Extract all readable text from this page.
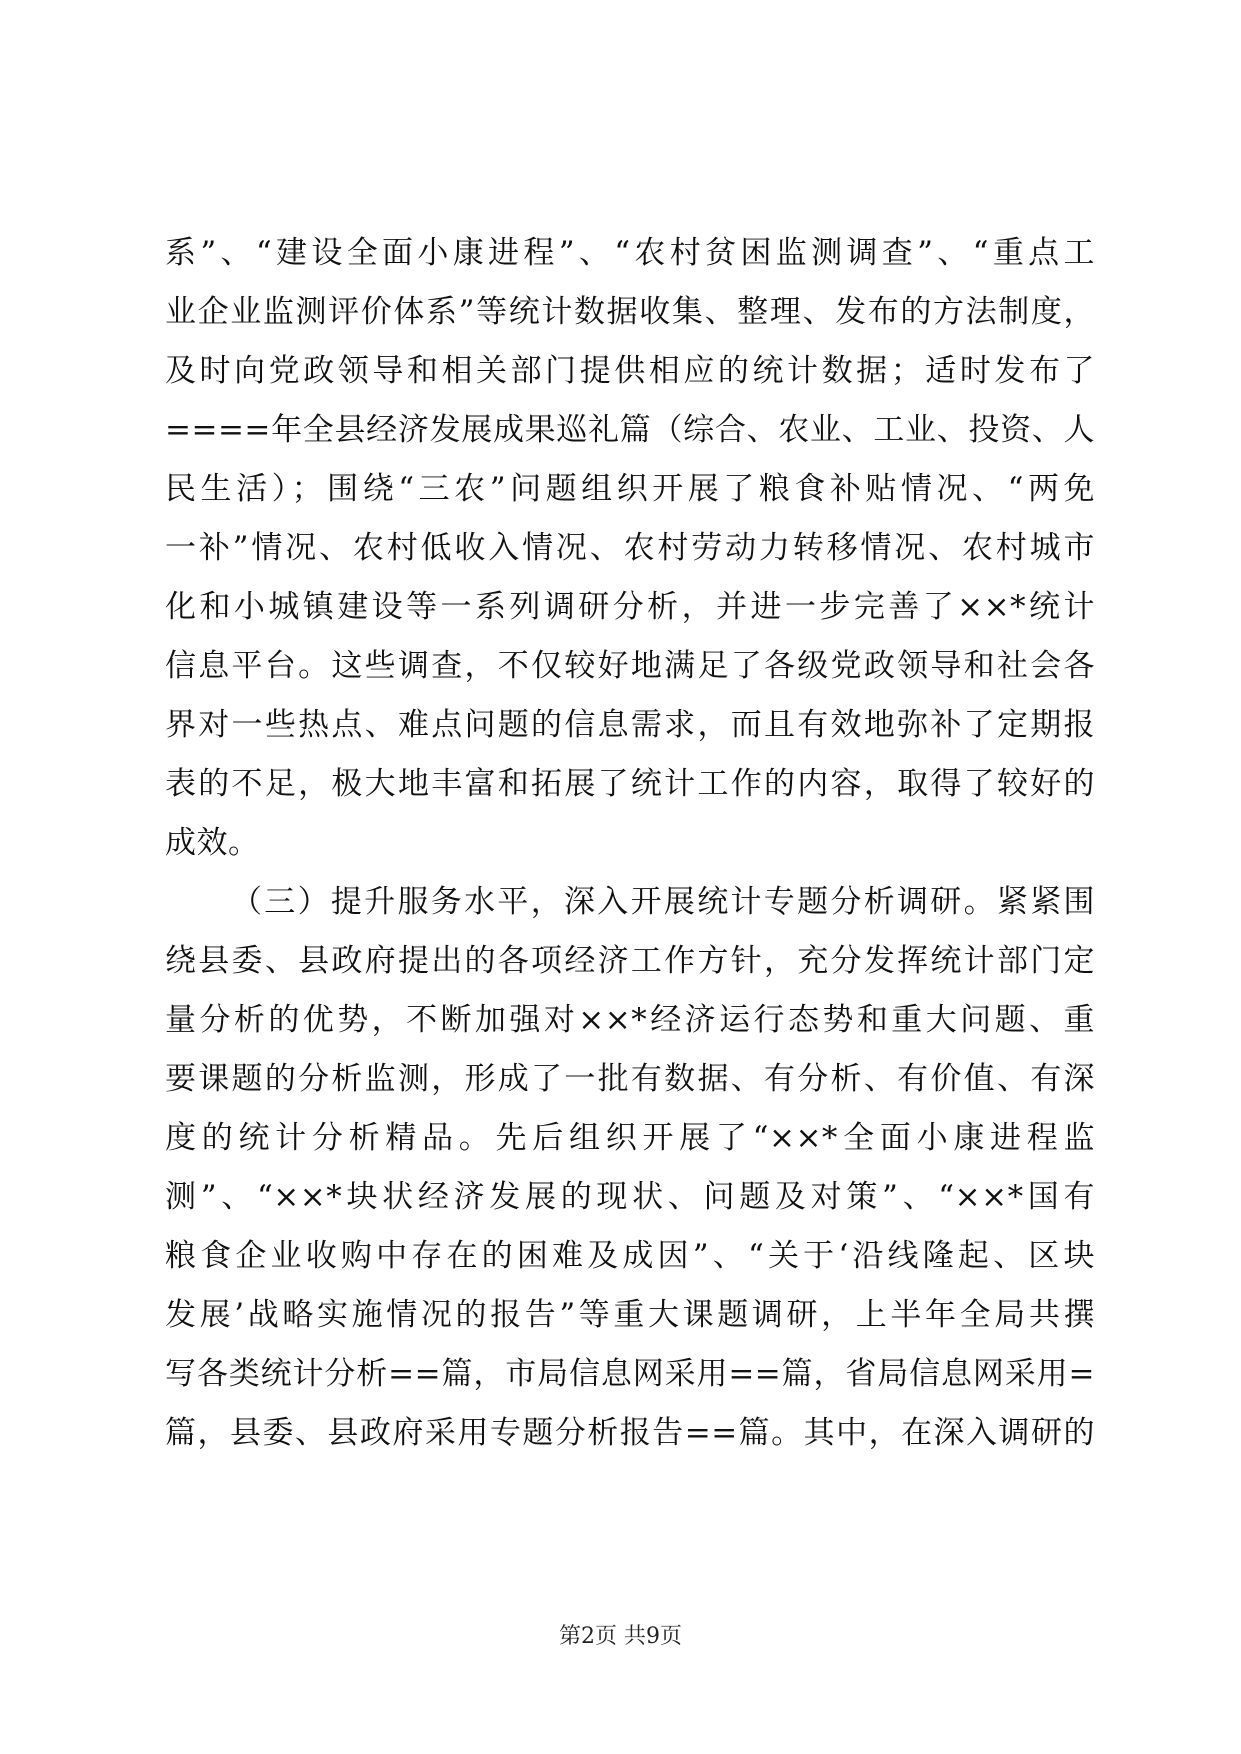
系”、“建设全面小康进程”、“农村贫困监测调查”、“重点工
业企业监测评价体系”等统计数据收集、整理、发布的方法制度，
及时向党政领导和相关部门提供相应的统计数据；适时发布了
====年全县经济发展成果巡礼篇（综合、农业、工业、投资、人
民生活）；围绕“三农”问题组织开展了粮食补贴情况、“两免
一补”情况、农村低收入情况、农村劳动力转移情况、农村城市
化和小城镇建设等一系列调研分析，并进一步完善了××*统计
信息平台。这些调查，不仅较好地满足了各级党政领导和社会各
界对一些热点、难点问题的信息需求，而且有效地弥补了定期报
表的不足，极大地丰富和拓展了统计工作的内容，取得了较好的
成效。
（三）提升服务水平，深入开展统计专题分析调研。紧紧围
绕县委、县政府提出的各项经济工作方针，充分发挥统计部门定
量分析的优势，不断加强对××*经济运行态势和重大问题、重
要课题的分析监测，形成了一批有数据、有分析、有价值、有深
度的统计分析精品。先后组织开展了“××*全面小康进程监
测”、“××*块状经济发展的现状、问题及对策”、“××*国有
粮食企业收购中存在的困难及成因”、“关于‘沿线隆起、区块
发展’战略实施情况的报告”等重大课题调研，上半年全局共撰
写各类统计分析==篇，市局信息网采用==篇，省局信息网采用=
篇，县委、县政府采用专题分析报告==篇。其中，在深入调研的
第2页 共9页
